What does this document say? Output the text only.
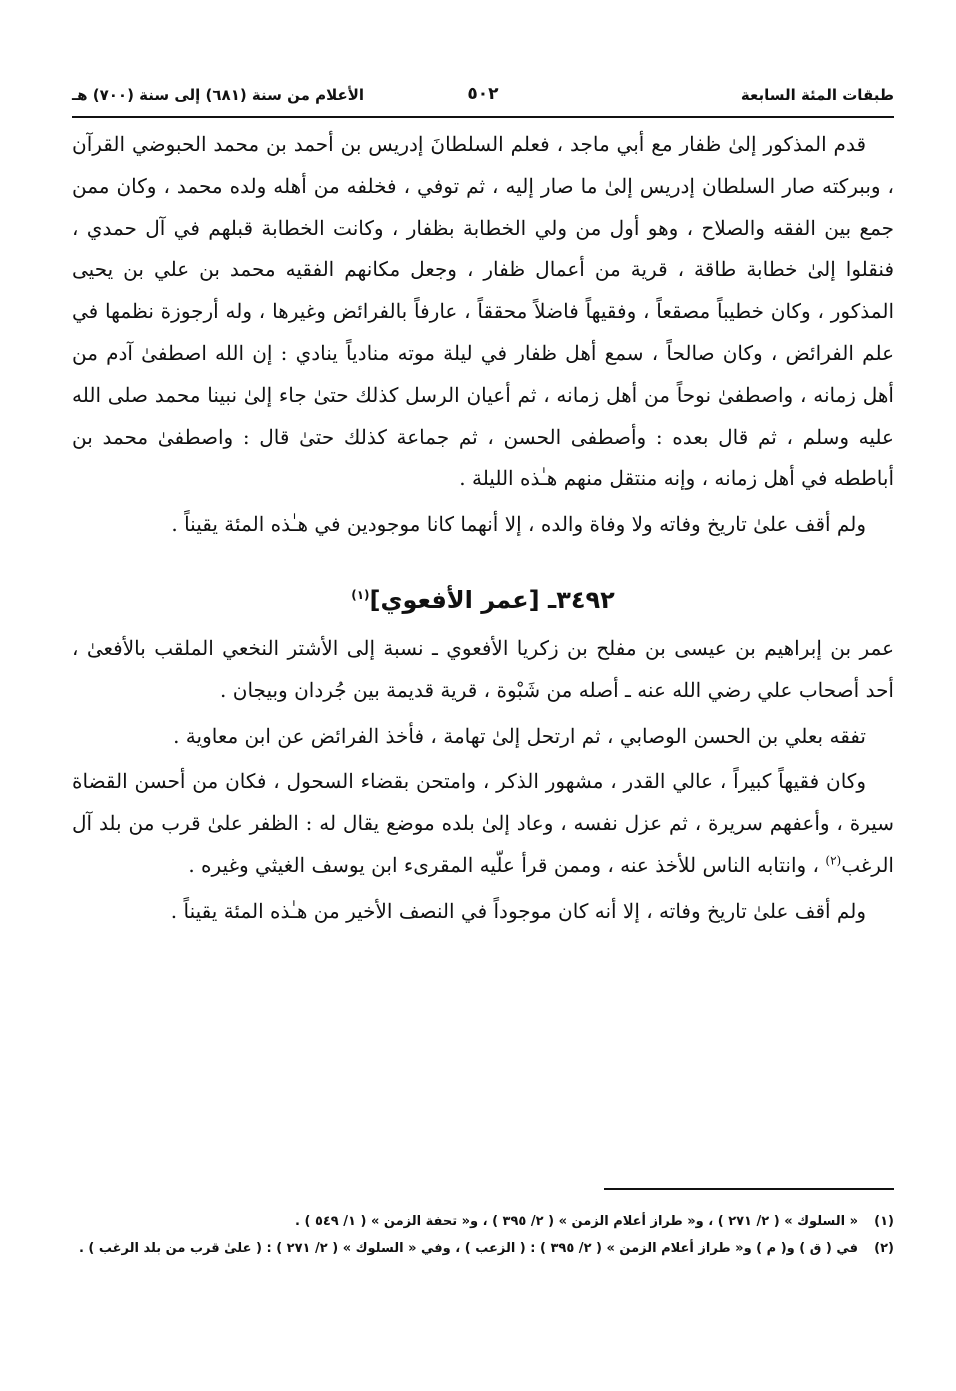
طبقات المئة السابعة
٥٠٢
الأعلام من سنة (٦٨١) إلى سنة (٧٠٠) هـ

قدم المذكور إلىٰ ظفار مع أبي ماجد ، فعلم السلطانَ إدريس بن أحمد بن محمد الحبوضي القرآن ، وببركته صار السلطان إدريس إلىٰ ما صار إليه ، ثم توفي ، فخلفه من أهله ولده محمد ، وكان ممن جمع بين الفقه والصلاح ، وهو أول من ولي الخطابة بظفار ، وكانت الخطابة قبلهم في آل حمدي ، فنقلوا إلىٰ خطابة طاقة ، قرية من أعمال ظفار ، وجعل مكانهم الفقيه محمد بن علي بن يحيى المذكور ، وكان خطيباً مصقعاً ، وفقيهاً فاضلاً محققاً ، عارفاً بالفرائض وغيرها ، وله أرجوزة نظمها في علم الفرائض ، وكان صالحاً ، سمع أهل ظفار في ليلة موته منادياً ينادي : إن الله اصطفىٰ آدم من أهل زمانه ، واصطفىٰ نوحاً من أهل زمانه ، ثم أعيان الرسل كذلك حتىٰ جاء إلىٰ نبينا محمد صلى الله عليه وسلم ، ثم قال بعده : وأصطفى الحسن ، ثم جماعة كذلك حتىٰ قال : واصطفىٰ محمد بن أباططه في أهل زمانه ، وإنه منتقل منهم هـٰذه الليلة .

ولم أقف علىٰ تاريخ وفاته ولا وفاة والده ، إلا أنهما كانا موجودين في هـٰذه المئة يقيناً .

٣٤٩٢ـ [عمر الأفعوي]$^{(١)}$

عمر بن إبراهيم بن عيسى بن مفلح بن زكريا الأفعوي ـ نسبة إلى الأشتر النخعي الملقب بالأفعىٰ ، أحد أصحاب علي رضي الله عنه ـ أصله من شَبْوة ، قرية قديمة بين جُردان وبيجان .

تفقه بعلي بن الحسن الوصابي ، ثم ارتحل إلىٰ تهامة ، فأخذ الفرائض عن ابن معاوية .

وكان فقيهاً كبيراً ، عالي القدر ، مشهور الذكر ، وامتحن بقضاء السحول ، فكان من أحسن القضاة سيرة ، وأعفهم سريرة ، ثم عزل نفسه ، وعاد إلىٰ بلده موضع يقال له : الظفر علىٰ قرب من بلد آل الرغب$^{(٢)}$ ، وانتابه الناس للأخذ عنه ، وممن قرأ علّيه المقرىء ابن يوسف الغيثي وغيره .

ولم أقف علىٰ تاريخ وفاته ، إلا أنه كان موجوداً في النصف الأخير من هـٰذه المئة يقيناً .

(١)
« السلوك » ( ٢/ ٢٧١ ) ، و« طراز أعلام الزمن » ( ٢/ ٣٩٥ ) ، و« تحفة الزمن » ( ١/ ٥٤٩ ) .

(٢)
في ( ق ) و( م ) و« طراز أعلام الزمن » ( ٢/ ٣٩٥ ) : ( الزعب ) ، وفي « السلوك » ( ٢/ ٢٧١ ) : ( علىٰ قرب من بلد الرغب ) .
